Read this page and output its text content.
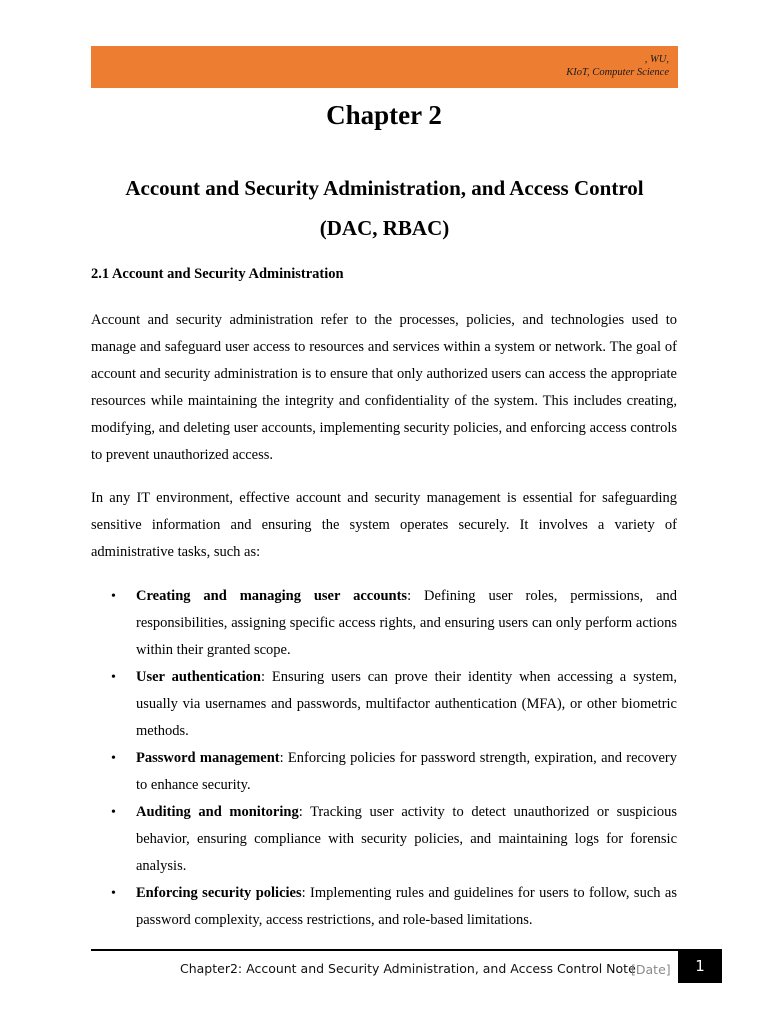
, WU,
KIoT, Computer Science
Chapter 2
Account and Security Administration, and Access Control
(DAC, RBAC)
2.1 Account and Security Administration

Account and security administration refer to the processes, policies, and technologies used to manage and safeguard user access to resources and services within a system or network. The goal of account and security administration is to ensure that only authorized users can access the appropriate resources while maintaining the integrity and confidentiality of the system. This includes creating, modifying, and deleting user accounts, implementing security policies, and enforcing access controls to prevent unauthorized access.

In any IT environment, effective account and security management is essential for safeguarding sensitive information and ensuring the system operates securely. It involves a variety of administrative tasks, such as:

• Creating and managing user accounts: Defining user roles, permissions, and responsibilities, assigning specific access rights, and ensuring users can only perform actions within their granted scope.
• User authentication: Ensuring users can prove their identity when accessing a system, usually via usernames and passwords, multifactor authentication (MFA), or other biometric methods.
• Password management: Enforcing policies for password strength, expiration, and recovery to enhance security.
• Auditing and monitoring: Tracking user activity to detect unauthorized or suspicious behavior, ensuring compliance with security policies, and maintaining logs for forensic analysis.
• Enforcing security policies: Implementing rules and guidelines for users to follow, such as password complexity, access restrictions, and role-based limitations.
Chapter2: Account and Security Administration, and Access Control Note
[Date]	1
